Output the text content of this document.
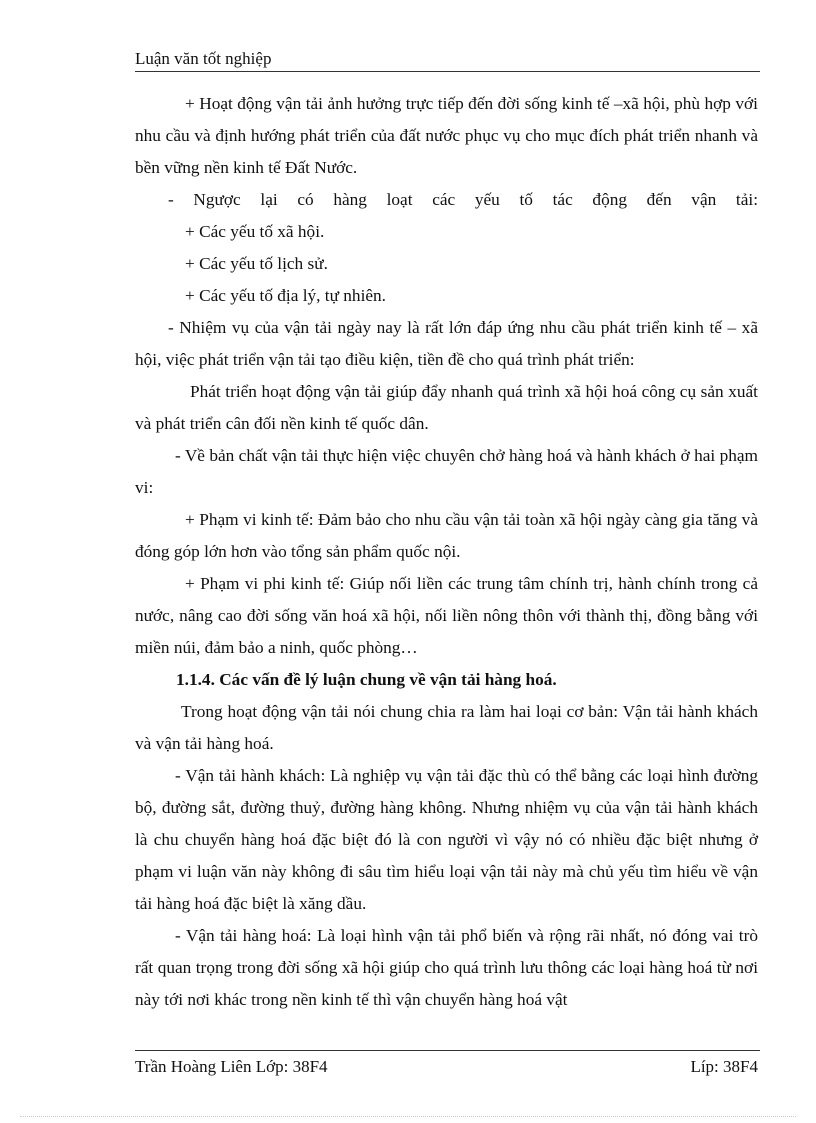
Luận văn tốt nghiệp

+ Hoạt động vận tải ảnh hưởng trực tiếp đến đời sống kinh tế –xã hội, phù hợp với nhu cầu và định hướng phát triển của đất nước phục vụ cho mục đích phát triển nhanh và bền vững nền kinh tế Đất Nước.

- Ngược lại có hàng loạt các yếu tố tác động đến vận tải:

+ Các yếu tố xã hội.

+ Các yếu tố lịch sử.

+ Các yếu tố địa lý, tự nhiên.

- Nhiệm vụ của vận tải ngày nay là rất lớn đáp ứng nhu cầu phát triển kinh tế – xã hội, việc phát triển vận tải tạo điều kiện, tiền đề cho quá trình phát triển:

Phát triển hoạt động vận tải giúp đẩy nhanh quá trình xã hội hoá công cụ sản xuất và phát triển cân đối nền kinh tế quốc dân.

- Về bản chất vận tải thực hiện việc chuyên chở hàng hoá và hành khách ở hai phạm vi:

+ Phạm vi kinh tế: Đảm bảo cho nhu cầu vận tải toàn xã hội ngày càng gia tăng và đóng góp lớn hơn vào tổng sản phẩm quốc nội.

+ Phạm vi phi kinh tế: Giúp nối liền các trung tâm chính trị, hành chính trong cả nước, nâng cao đời sống văn hoá xã hội, nối liền nông thôn với thành thị, đồng bằng với miền núi, đảm bảo a ninh, quốc phòng…

1.1.4. Các vấn đề lý luận chung về vận tải hàng hoá.

Trong hoạt động vận tải nói chung chia ra làm hai loại cơ bản: Vận tải hành khách và vận tải hàng hoá.

- Vận tải hành khách: Là nghiệp vụ vận tải đặc thù có thể bằng các loại hình đường bộ, đường sắt, đường thuỷ, đường hàng không. Nhưng nhiệm vụ của vận tải hành khách là chu chuyển hàng hoá đặc biệt đó là con người vì vậy nó có nhiều đặc biệt nhưng ở phạm vi luận văn này không đi sâu tìm hiểu loại vận tải này mà chủ yếu tìm hiểu về vận tải hàng hoá đặc biệt là xăng dầu.

- Vận tải hàng hoá: Là loại hình vận tải phổ biến và rộng rãi nhất, nó đóng vai trò rất quan trọng trong đời sống xã hội giúp cho quá trình lưu thông các loại hàng hoá từ nơi này tới nơi khác trong nền kinh tế thì vận chuyển hàng hoá vật

Trần Hoàng Liên Lớp: 38F4	Líp: 38F4
